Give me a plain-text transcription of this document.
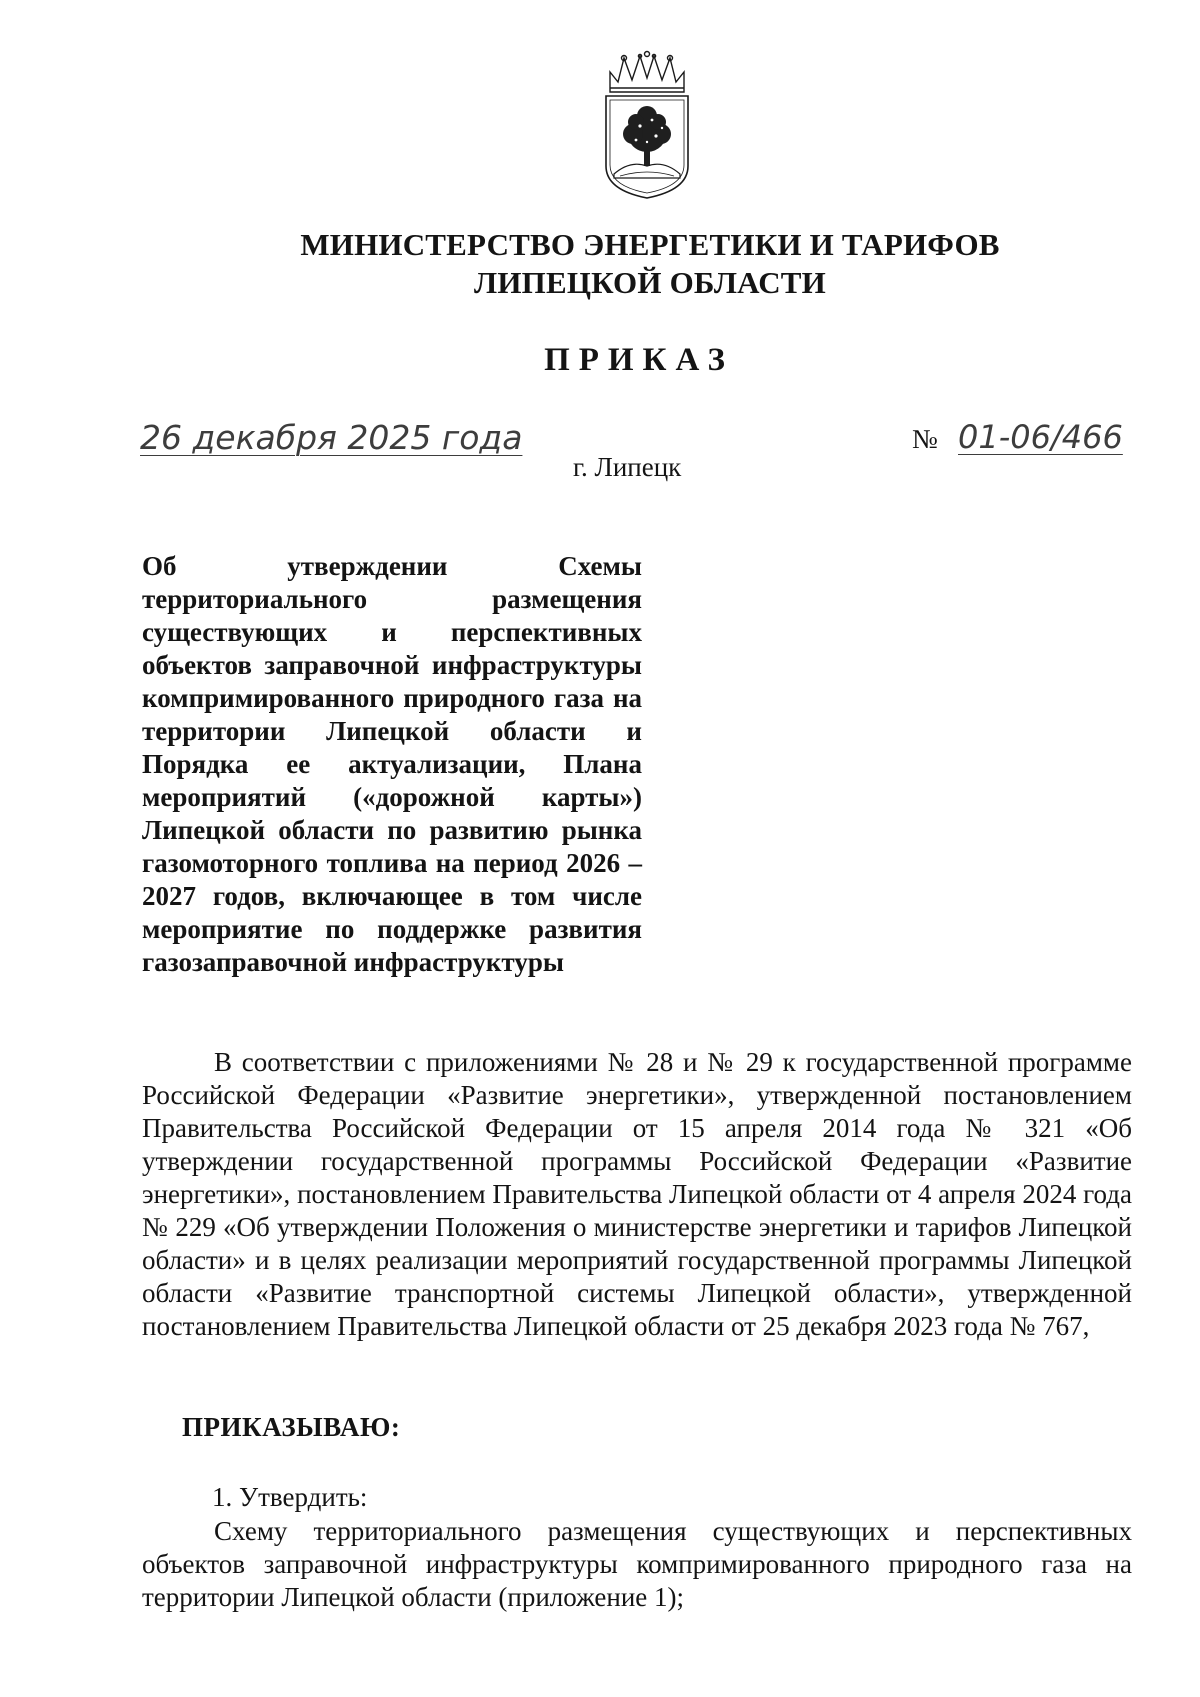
МИНИСТЕРСТВО ЭНЕРГЕТИКИ И ТАРИФОВ
ЛИПЕЦКОЙ ОБЛАСТИ
ПРИКАЗ
26 декабря 2025 года
г. Липецк
№ 01-06/466
Об утверждении Схемы территориального размещения существующих и перспективных объектов заправочной инфраструктуры компримированного природного газа на территории Липецкой области и Порядка ее актуализации, Плана мероприятий («дорожной карты») Липецкой области по развитию рынка газомоторного топлива на период 2026 – 2027 годов, включающее в том числе мероприятие по поддержке развития газозаправочной инфраструктуры
В соответствии с приложениями № 28 и № 29 к государственной программе Российской Федерации «Развитие энергетики», утвержденной постановлением Правительства Российской Федерации от 15 апреля 2014 года № 321 «Об утверждении государственной программы Российской Федерации «Развитие энергетики», постановлением Правительства Липецкой области от 4 апреля 2024 года № 229 «Об утверждении Положения о министерстве энергетики и тарифов Липецкой области» и в целях реализации мероприятий государственной программы Липецкой области «Развитие транспортной системы Липецкой области», утвержденной постановлением Правительства Липецкой области от 25 декабря 2023 года № 767,
ПРИКАЗЫВАЮ:
1. Утвердить:
Схему территориального размещения существующих и перспективных объектов заправочной инфраструктуры компримированного природного газа на территории Липецкой области (приложение 1);
